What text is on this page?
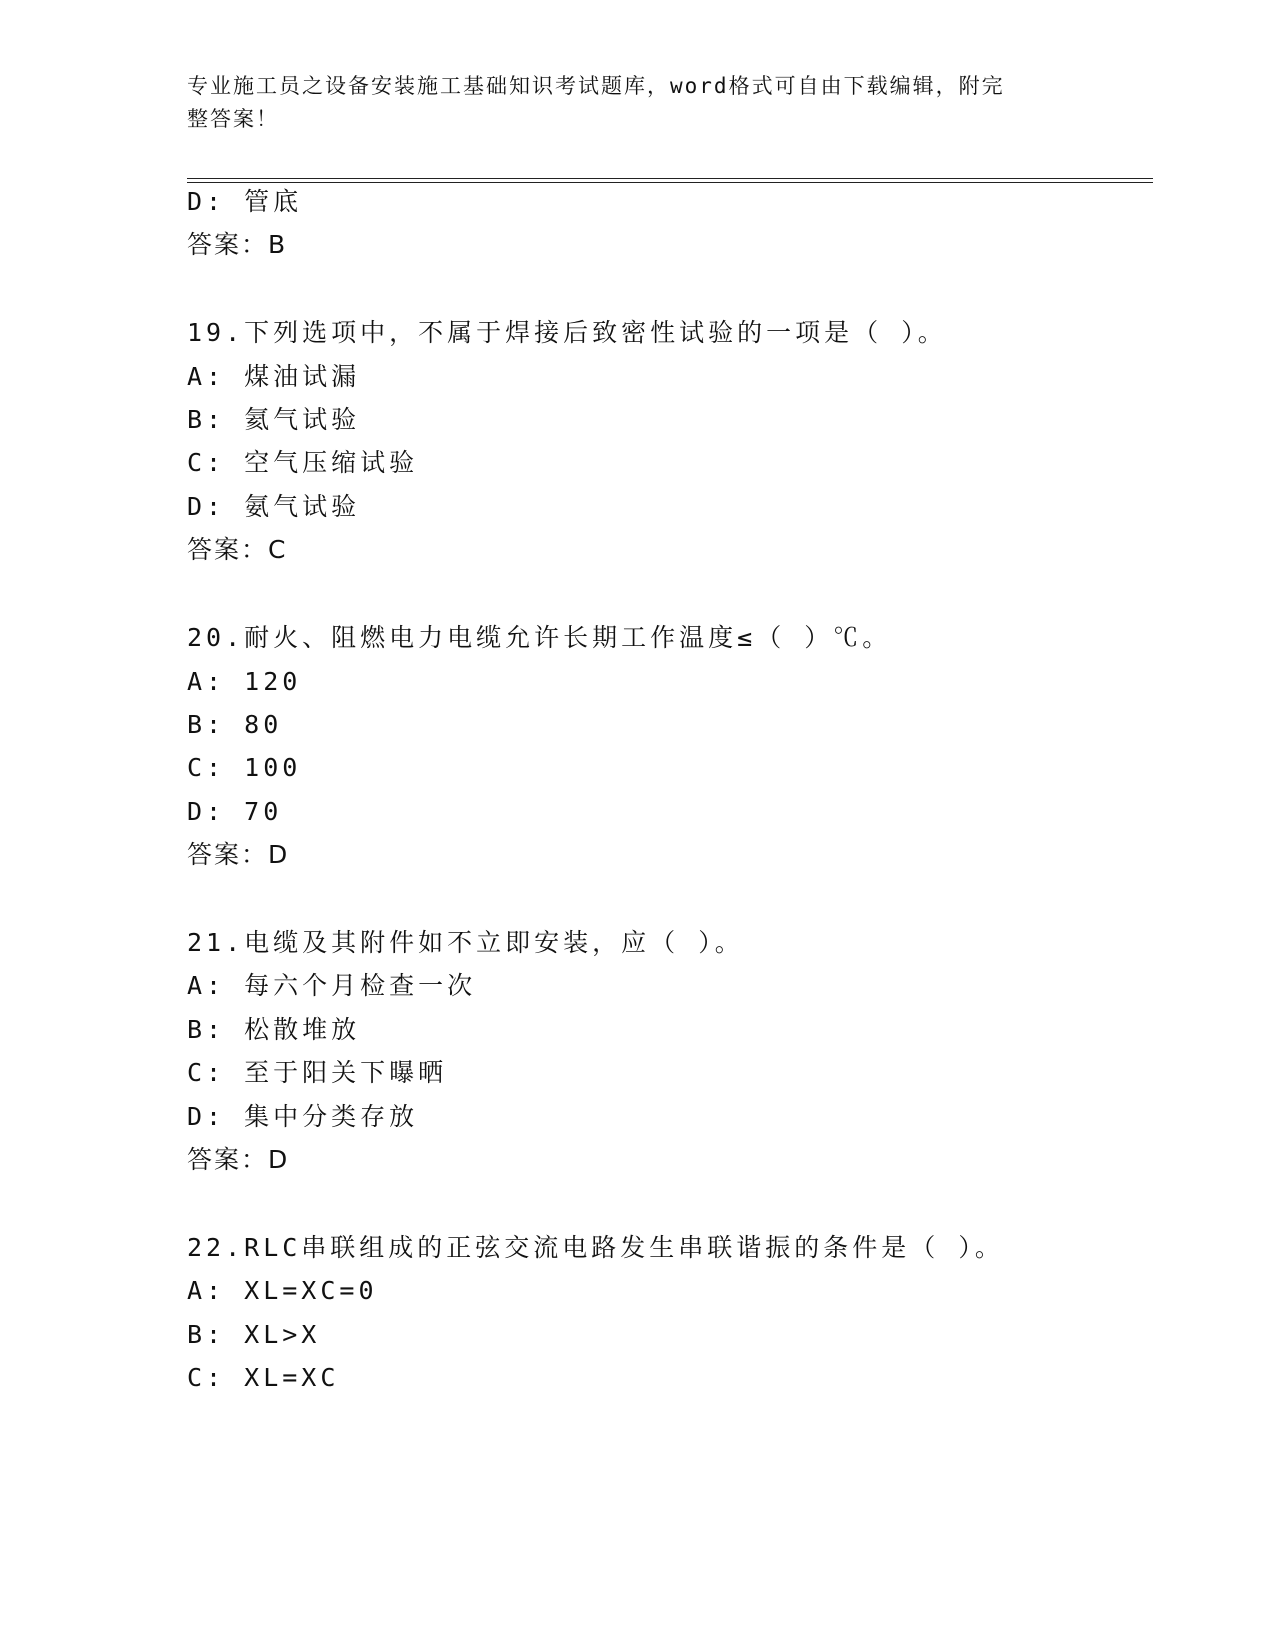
专业施工员之设备安装施工基础知识考试题库，word格式可自由下载编辑，附完
整答案！
D: 管底
答案：B
19.下列选项中，不属于焊接后致密性试验的一项是（ ）。
A: 煤油试漏
B: 氦气试验
C: 空气压缩试验
D: 氨气试验
答案：C
20.耐火、阻燃电力电缆允许长期工作温度≤（ ）℃。
A: 120
B: 80
C: 100
D: 70
答案：D
21.电缆及其附件如不立即安装，应（ ）。
A: 每六个月检查一次
B: 松散堆放
C: 至于阳关下曝晒
D: 集中分类存放
答案：D
22.RLC串联组成的正弦交流电路发生串联谐振的条件是（ ）。
A: XL=XC=0
B: XL>X
C: XL=XC
